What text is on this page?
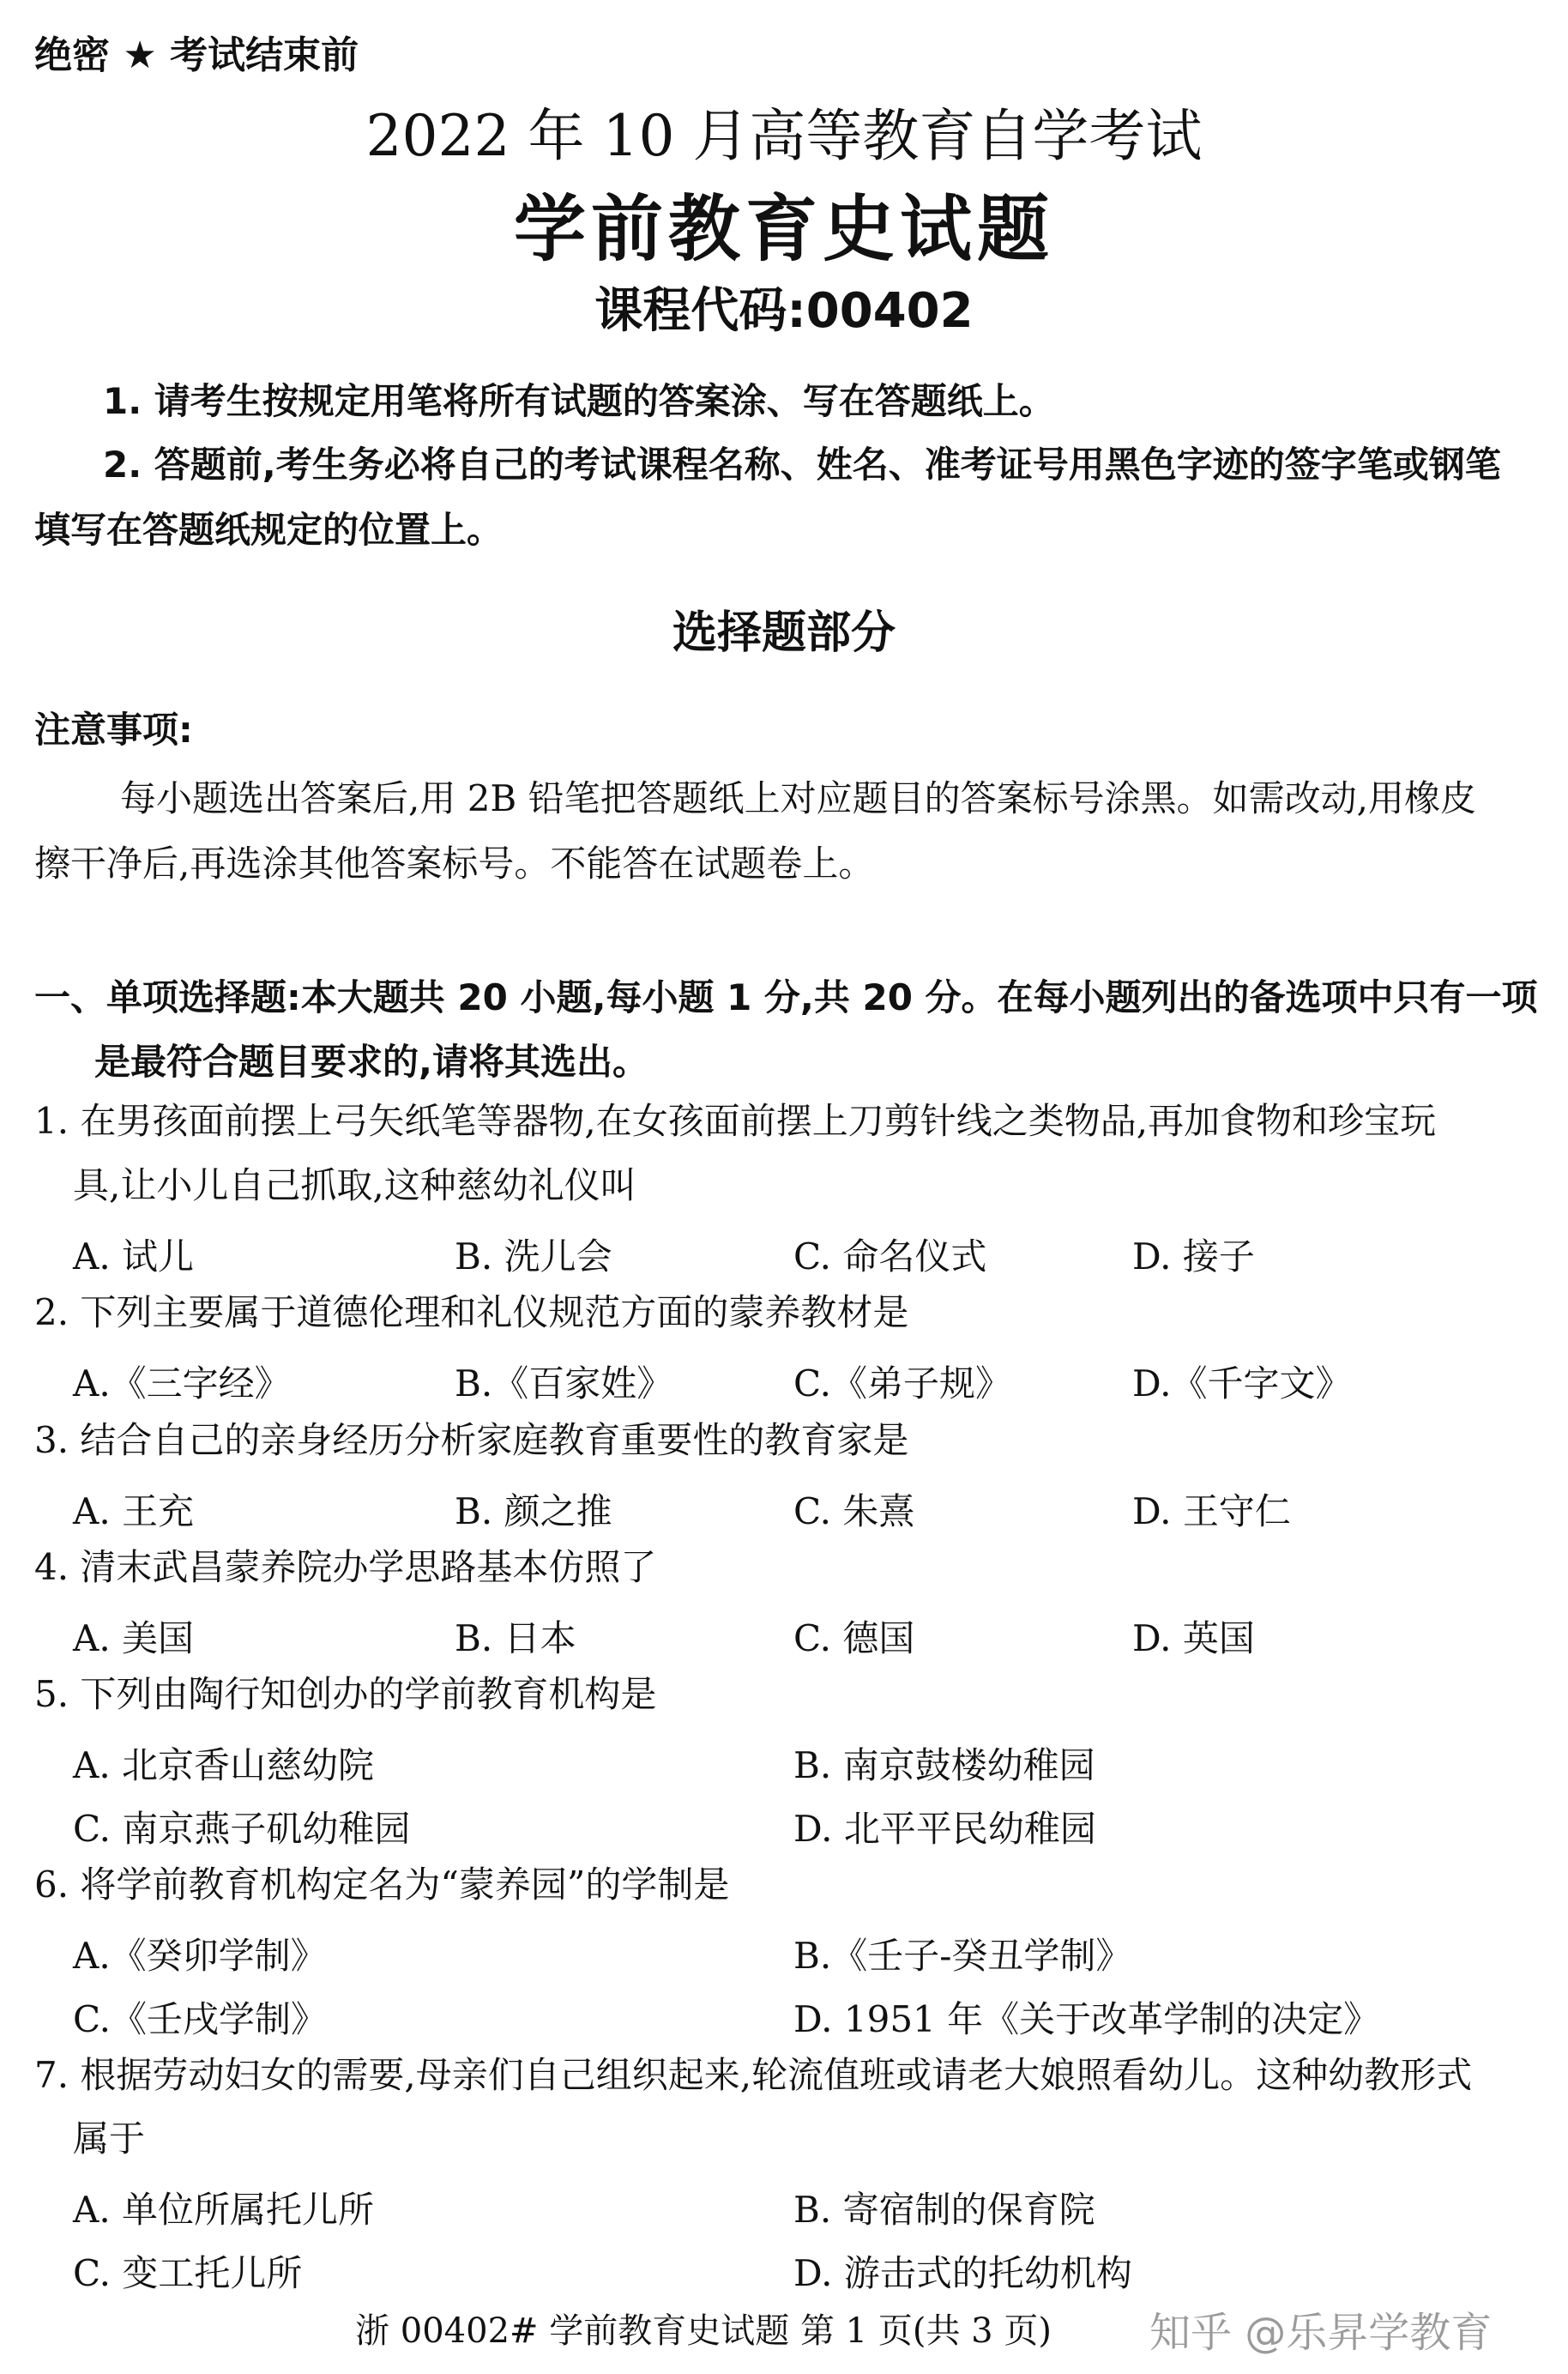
绝密 ★ 考试结束前
2022 年 10 月高等教育自学考试
学前教育史试题
课程代码:00402
1. 请考生按规定用笔将所有试题的答案涂、写在答题纸上。
2. 答题前,考生务必将自己的考试课程名称、姓名、准考证号用黑色字迹的签字笔或钢笔
填写在答题纸规定的位置上。
选择题部分
注意事项:
每小题选出答案后,用 2B 铅笔把答题纸上对应题目的答案标号涂黑。如需改动,用橡皮
擦干净后,再选涂其他答案标号。不能答在试题卷上。
一、单项选择题:本大题共 20 小题,每小题 1 分,共 20 分。在每小题列出的备选项中只有一项
是最符合题目要求的,请将其选出。
1. 在男孩面前摆上弓矢纸笔等器物,在女孩面前摆上刀剪针线之类物品,再加食物和珍宝玩
具,让小儿自己抓取,这种慈幼礼仪叫
A. 试儿	B. 洗儿会	C. 命名仪式	D. 接子
2. 下列主要属于道德伦理和礼仪规范方面的蒙养教材是
A.《三字经》	B.《百家姓》	C.《弟子规》	D.《千字文》
3. 结合自己的亲身经历分析家庭教育重要性的教育家是
A. 王充	B. 颜之推	C. 朱熹	D. 王守仁
4. 清末武昌蒙养院办学思路基本仿照了
A. 美国	B. 日本	C. 德国	D. 英国
5. 下列由陶行知创办的学前教育机构是
A. 北京香山慈幼院	B. 南京鼓楼幼稚园
C. 南京燕子矶幼稚园	D. 北平平民幼稚园
6. 将学前教育机构定名为“蒙养园”的学制是
A.《癸卯学制》	B.《壬子-癸丑学制》
C.《壬戌学制》	D. 1951 年《关于改革学制的决定》
7. 根据劳动妇女的需要,母亲们自己组织起来,轮流值班或请老大娘照看幼儿。这种幼教形式
属于
A. 单位所属托儿所	B. 寄宿制的保育院
C. 变工托儿所	D. 游击式的托幼机构
浙 00402# 学前教育史试题 第 1 页(共 3 页)	知乎 @乐昇学教育
